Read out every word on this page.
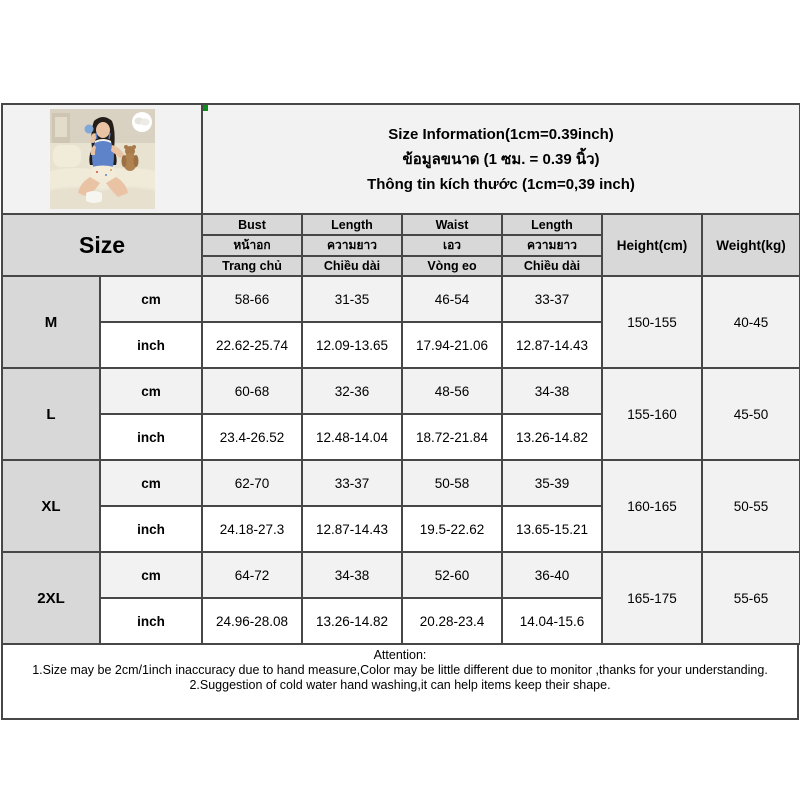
Size Information(1cm=0.39inch)
ข้อมูลขนาด (1 ซม. = 0.39 นิ้ว)
Thông tin kích thước (1cm=0,39 inch)					

Size		Bust	Length	Waist	Length	Height(cm)	Weight(kg)
		หน้าอก	ความยาว	เอว	ความยาว		
		Trang chủ	Chiều dài	Vòng eo	Chiều dài		
M	cm	58-66	31-35	46-54	33-37	150-155	40-45
	inch	22.62-25.74	12.09-13.65	17.94-21.06	12.87-14.43		
L	cm	60-68	32-36	48-56	34-38	155-160	45-50
	inch	23.4-26.52	12.48-14.04	18.72-21.84	13.26-14.82		
XL	cm	62-70	33-37	50-58	35-39	160-165	50-55
	inch	24.18-27.3	12.87-14.43	19.5-22.62	13.65-15.21		
2XL	cm	64-72	34-38	52-60	36-40	165-175	55-65
	inch	24.96-28.08	13.26-14.82	20.28-23.4	14.04-15.6		
Attention:
1.Size may be 2cm/1inch inaccuracy due to hand measure,Color may be little different due to monitor ,thanks for your understanding.
2.Suggestion of cold water hand washing,it can help items keep their shape.
